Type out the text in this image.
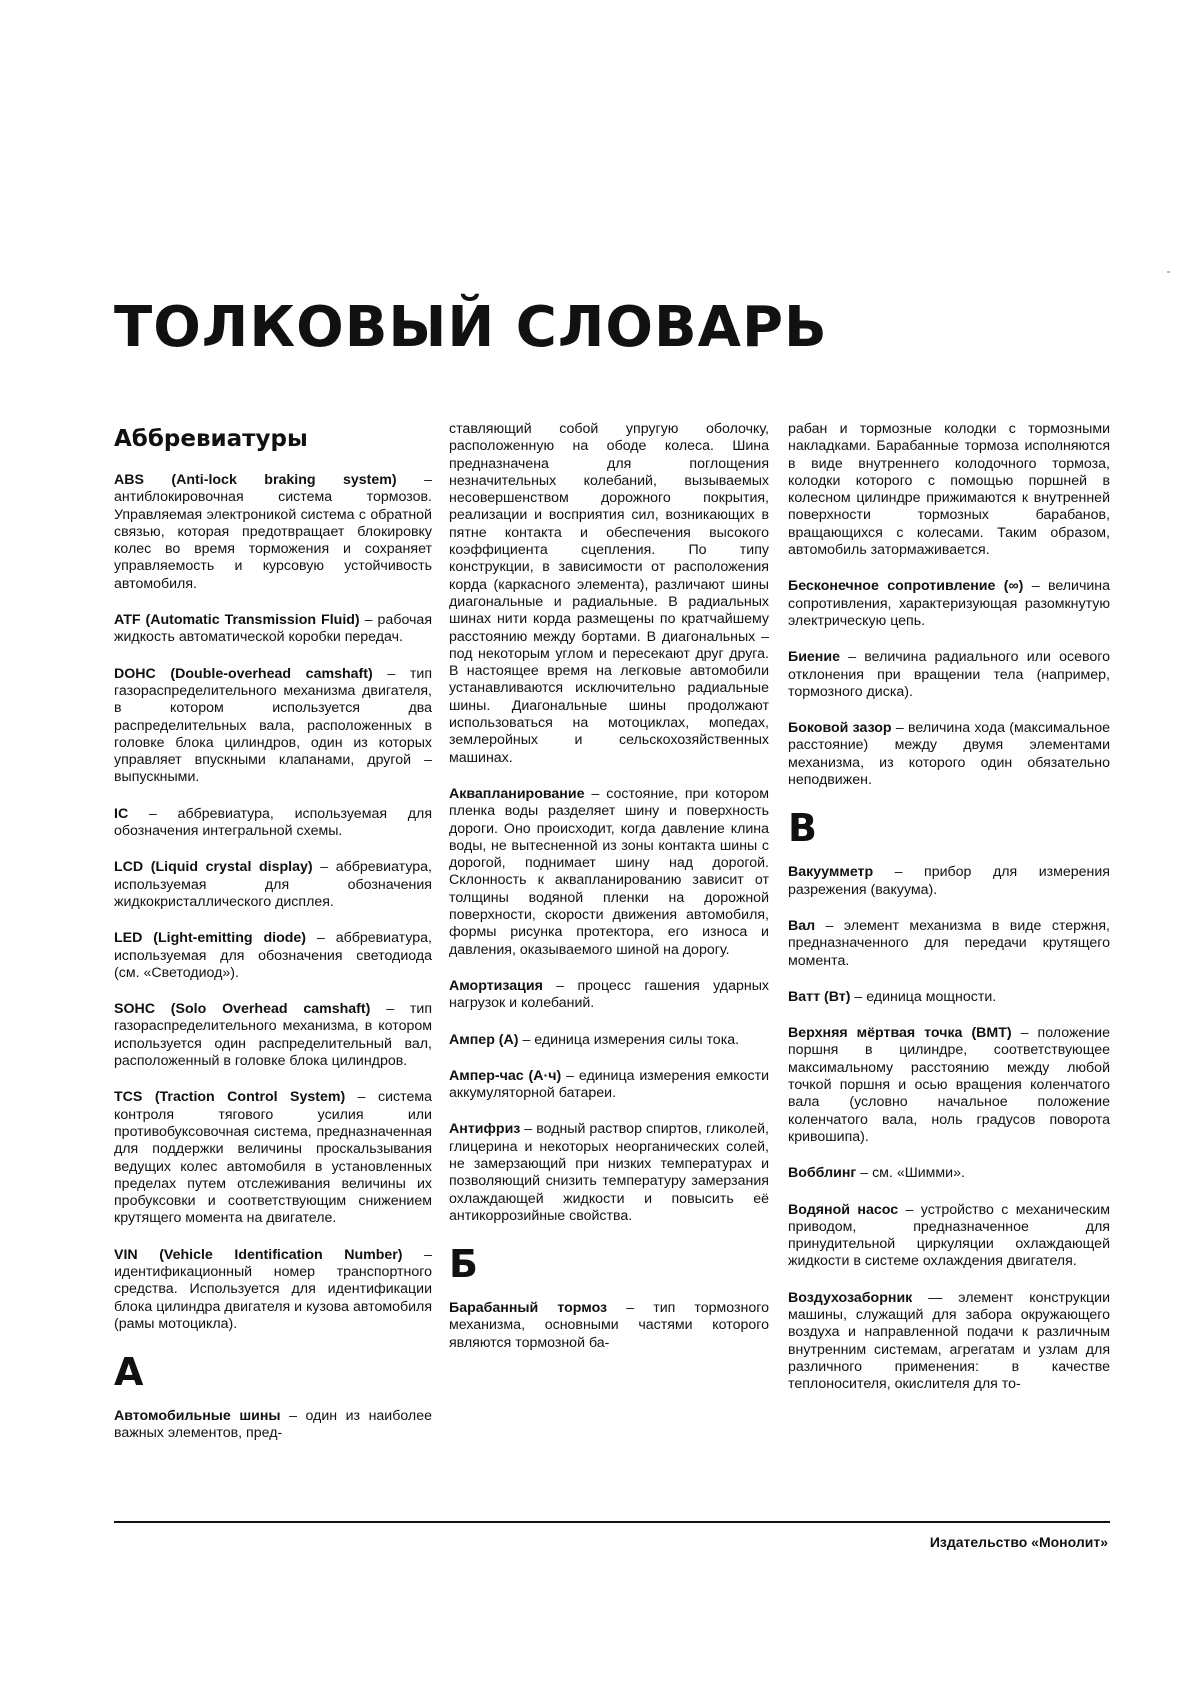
ТОЛКОВЫЙ СЛОВАРЬ
Аббревиатуры

ABS (Anti-lock braking system) – антиблокировочная система тормозов. Управляемая электроникой система с обратной связью, которая предотвращает блокировку колес во время торможения и сохраняет управляемость и курсовую устойчивость автомобиля.

ATF (Automatic Transmission Fluid) – рабочая жидкость автоматической коробки передач.

DOHC (Double-overhead camshaft) – тип газораспределительного механизма двигателя, в котором используется два распределительных вала, расположенных в головке блока цилиндров, один из которых управляет впускными клапанами, другой – выпускными.

IC – аббревиатура, используемая для обозначения интегральной схемы.

LCD (Liquid crystal display) – аббревиатура, используемая для обозначения жидкокристаллического дисплея.

LED (Light-emitting diode) – аббревиатура, используемая для обозначения светодиода (см. «Светодиод»).

SOHC (Solo Overhead camshaft) – тип газораспределительного механизма, в котором используется один распределительный вал, расположенный в головке блока цилиндров.

TCS (Traction Control System) – система контроля тягового усилия или противобуксовочная система, предназначенная для поддержки величины проскальзывания ведущих колес автомобиля в установленных пределах путем отслеживания величины их пробуксовки и соответствующим снижением крутящего момента на двигателе.

VIN (Vehicle Identification Number) – идентификационный номер транспортного средства. Используется для идентификации блока цилиндра двигателя и кузова автомобиля (рамы мотоцикла).

А

Автомобильные шины – один из наиболее важных элементов, пред-

ставляющий собой упругую оболочку, расположенную на ободе колеса. Шина предназначена для поглощения незначительных колебаний, вызываемых несовершенством дорожного покрытия, реализации и восприятия сил, возникающих в пятне контакта и обеспечения высокого коэффициента сцепления. По типу конструкции, в зависимости от расположения корда (каркасного элемента), различают шины диагональные и радиальные. В радиальных шинах нити корда размещены по кратчайшему расстоянию между бортами. В диагональных – под некоторым углом и пересекают друг друга. В настоящее время на легковые автомобили устанавливаются исключительно радиальные шины. Диагональные шины продолжают использоваться на мотоциклах, мопедах, землеройных и сельскохозяйственных машинах.

Аквапланирование – состояние, при котором пленка воды разделяет шину и поверхность дороги. Оно происходит, когда давление клина воды, не вытесненной из зоны контакта шины с дорогой, поднимает шину над дорогой. Склонность к аквапланированию зависит от толщины водяной пленки на дорожной поверхности, скорости движения автомобиля, формы рисунка протектора, его износа и давления, оказываемого шиной на дорогу.

Амортизация – процесс гашения ударных нагрузок и колебаний.

Ампер (А) – единица измерения силы тока.

Ампер-час (А·ч) – единица измерения емкости аккумуляторной батареи.

Антифриз – водный раствор спиртов, гликолей, глицерина и некоторых неорганических солей, не замерзающий при низких температурах и позволяющий снизить температуру замерзания охлаждающей жидкости и повысить её антикоррозийные свойства.

Б

Барабанный тормоз – тип тормозного механизма, основными частями которого являются тормозной ба-

рабан и тормозные колодки с тормозными накладками. Барабанные тормоза исполняются в виде внутреннего колодочного тормоза, колодки которого с помощью поршней в колесном цилиндре прижимаются к внутренней поверхности тормозных барабанов, вращающихся с колесами. Таким образом, автомобиль затормаживается.

Бесконечное сопротивление (∞) – величина сопротивления, характеризующая разомкнутую электрическую цепь.

Биение – величина радиального или осевого отклонения при вращении тела (например, тормозного диска).

Боковой зазор – величина хода (максимальное расстояние) между двумя элементами механизма, из которого один обязательно неподвижен.

В

Вакуумметр – прибор для измерения разрежения (вакуума).

Вал – элемент механизма в виде стержня, предназначенного для передачи крутящего момента.

Ватт (Вт) – единица мощности.

Верхняя мёртвая точка (ВМТ) – положение поршня в цилиндре, соответствующее максимальному расстоянию между любой точкой поршня и осью вращения коленчатого вала (условно начальное положение коленчатого вала, ноль градусов поворота кривошипа).

Вобблинг – см. «Шимми».

Водяной насос – устройство с механическим приводом, предназначенное для принудительной циркуляции охлаждающей жидкости в системе охлаждения двигателя.

Воздухозаборник — элемент конструкции машины, служащий для забора окружающего воздуха и направленной подачи к различным внутренним системам, агрегатам и узлам для различного применения: в качестве теплоносителя, окислителя для то-

Издательство «Монолит»
